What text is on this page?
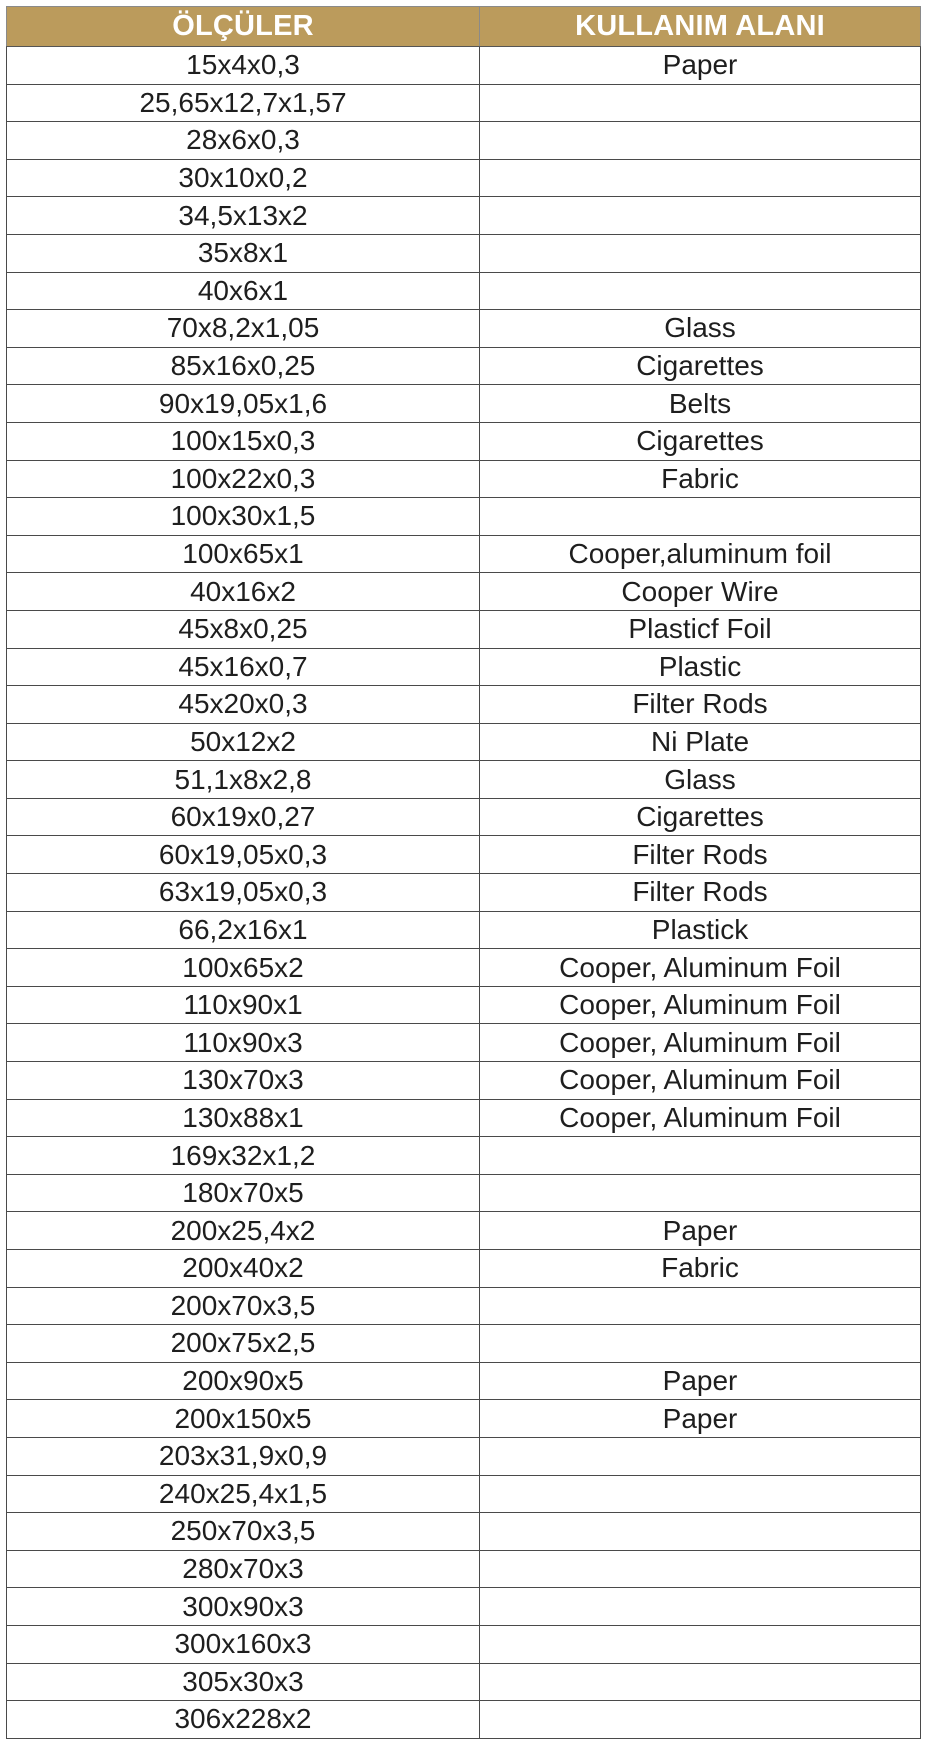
ÖLÇÜLER	KULLANIM ALANI
15x4x0,3	Paper
25,65x12,7x1,57	
28x6x0,3	
30x10x0,2	
34,5x13x2	
35x8x1	
40x6x1	
70x8,2x1,05	Glass
85x16x0,25	Cigarettes
90x19,05x1,6	Belts
100x15x0,3	Cigarettes
100x22x0,3	Fabric
100x30x1,5	
100x65x1	Cooper,aluminum foil
40x16x2	Cooper Wire
45x8x0,25	Plasticf Foil
45x16x0,7	Plastic
45x20x0,3	Filter Rods
50x12x2	Ni Plate
51,1x8x2,8	Glass
60x19x0,27	Cigarettes
60x19,05x0,3	Filter Rods
63x19,05x0,3	Filter Rods
66,2x16x1	Plastick
100x65x2	Cooper, Aluminum Foil
110x90x1	Cooper, Aluminum Foil
110x90x3	Cooper, Aluminum Foil
130x70x3	Cooper, Aluminum Foil
130x88x1	Cooper, Aluminum Foil
169x32x1,2	
180x70x5	
200x25,4x2	Paper
200x40x2	Fabric
200x70x3,5	
200x75x2,5	
200x90x5	Paper
200x150x5	Paper
203x31,9x0,9	
240x25,4x1,5	
250x70x3,5	
280x70x3	
300x90x3	
300x160x3	
305x30x3	
306x228x2	
